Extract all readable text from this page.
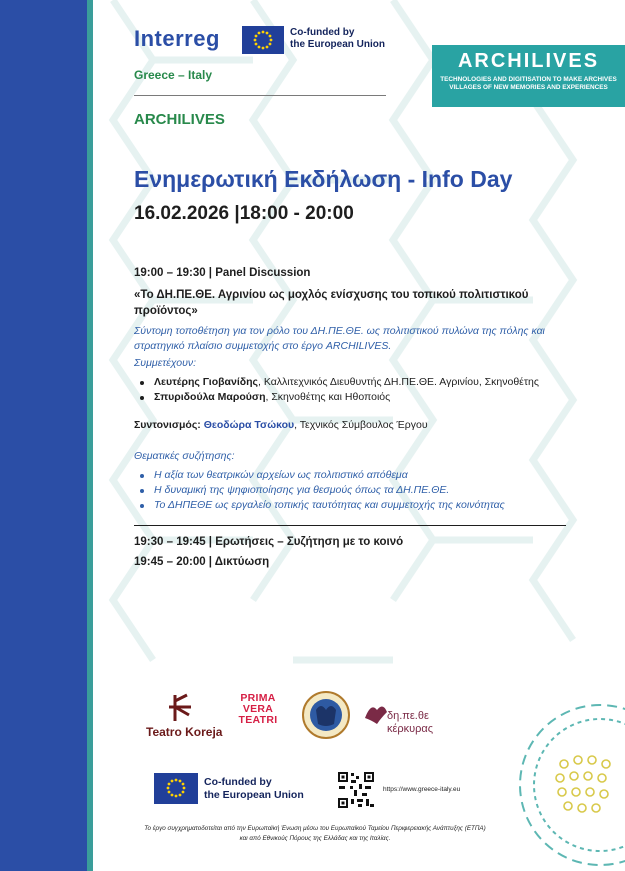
Interreg
Greece – Italy
Co-funded by
the European Union
ARCHILIVES
TECHNOLOGIES AND DIGITISATION TO MAKE ARCHIVES VILLAGES OF NEW MEMORIES AND EXPERIENCES
ARCHILIVES
Ενημερωτική Εκδήλωση - Info Day
16.02.2026 |18:00 - 20:00
19:00 – 19:30 | Panel Discussion
«Το ΔΗ.ΠΕ.ΘΕ. Αγρινίου ως μοχλός ενίσχυσης του τοπικού πολιτιστικού προϊόντος»
Σύντομη τοποθέτηση για τον ρόλο του ΔΗ.ΠΕ.ΘΕ. ως πολιτιστικού πυλώνα της πόλης και στρατηγικό πλαίσιο συμμετοχής στο έργο ARCHILIVES.
Συμμετέχουν:
Λευτέρης Γιοβανίδης, Καλλιτεχνικός Διευθυντής ΔΗ.ΠΕ.ΘΕ. Αγρινίου, Σκηνοθέτης
Σπυριδούλα Μαρούση, Σκηνοθέτης και Ηθοποιός
Συντονισμός: Θεοδώρα Τσώκου, Τεχνικός Σύμβουλος Έργου
Θεματικές συζήτησης:
Η αξία των θεατρικών αρχείων ως πολιτιστικό απόθεμα
Η δυναμική της ψηφιοποίησης για θεσμούς όπως τα ΔΗ.ΠΕ.ΘΕ.
Το ΔΗΠΕΘΕ ως εργαλείο τοπικής ταυτότητας και συμμετοχής της κοινότητας
19:30 – 19:45 | Ερωτήσεις – Συζήτηση με το κοινό
19:45 – 20:00 | Δικτύωση
Teatro Koreja
PRIMA
VERA
TEATRI	δη.πε.θε
κέρκυρας
Co-funded by
the European Union	https://www.greece-italy.eu
Το έργο συγχρηματοδοτείται από την Ευρωπαϊκή Ένωση μέσω του Ευρωπαϊκού Ταμείου Περιφερειακής Ανάπτυξης (ΕΤΠΑ) και από Εθνικούς Πόρους της Ελλάδας και της Ιταλίας.
